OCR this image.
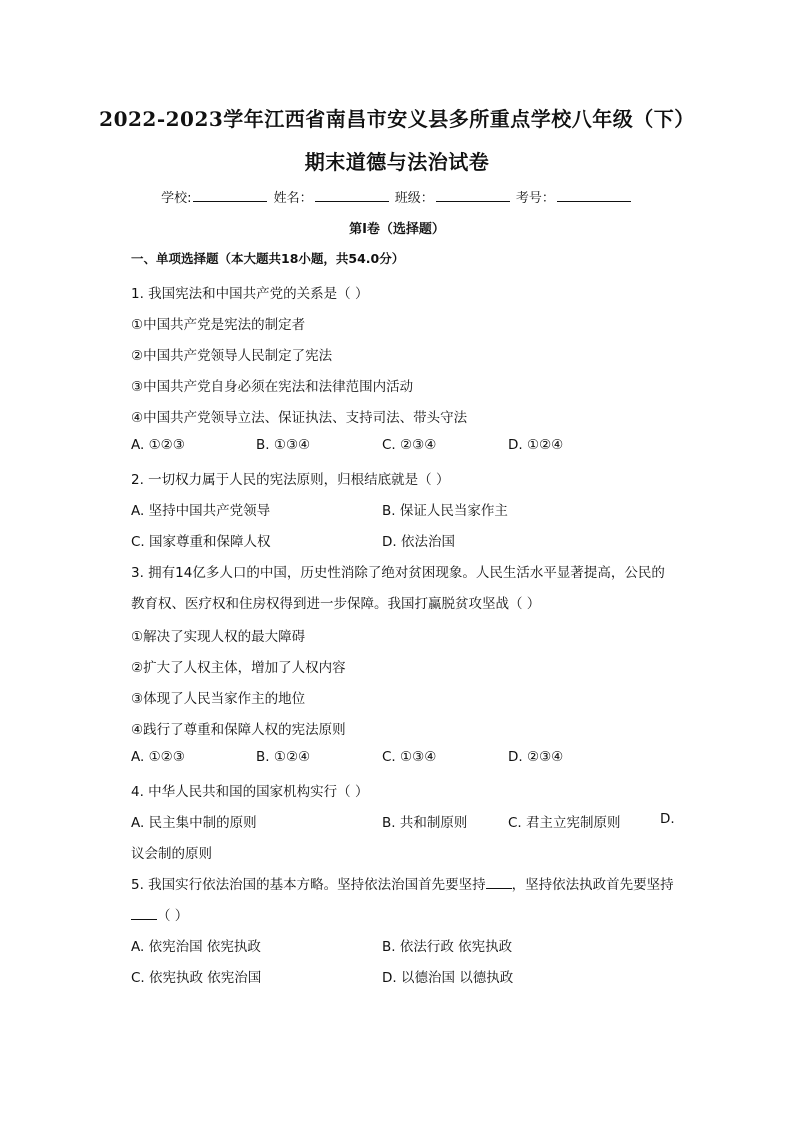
2022-2023学年江西省南昌市安义县多所重点学校八年级（下）
期末道德与法治试卷
学校:	姓名：	班级：	考号：
第I卷（选择题）
一、单项选择题（本大题共18小题，共54.0分）
1. 我国宪法和中国共产党的关系是（ ）
①中国共产党是宪法的制定者
②中国共产党领导人民制定了宪法
③中国共产党自身必须在宪法和法律范围内活动
④中国共产党领导立法、保证执法、支持司法、带头守法
A. ①②③	B. ①③④	C. ②③④	D. ①②④
2. 一切权力属于人民的宪法原则，归根结底就是（ ）
A. 坚持中国共产党领导	B. 保证人民当家作主
C. 国家尊重和保障人权	D. 依法治国
3. 拥有14亿多人口的中国，历史性消除了绝对贫困现象。人民生活水平显著提高，公民的
教育权、医疗权和住房权得到进一步保障。我国打赢脱贫攻坚战（ ）
①解决了实现人权的最大障碍
②扩大了人权主体，增加了人权内容
③体现了人民当家作主的地位
④践行了尊重和保障人权的宪法原则
A. ①②③	B. ①②④	C. ①③④	D. ②③④
4. 中华人民共和国的国家机构实行（ ）
A. 民主集中制的原则	B. 共和制原则	C. 君主立宪制原则	D.
议会制的原则
5. 我国实行依法治国的基本方略。坚持依法治国首先要坚持 ，坚持依法执政首先要坚持
（ ）
A. 依宪治国 依宪执政	B. 依法行政 依宪执政
C. 依宪执政 依宪治国	D. 以德治国 以德执政
